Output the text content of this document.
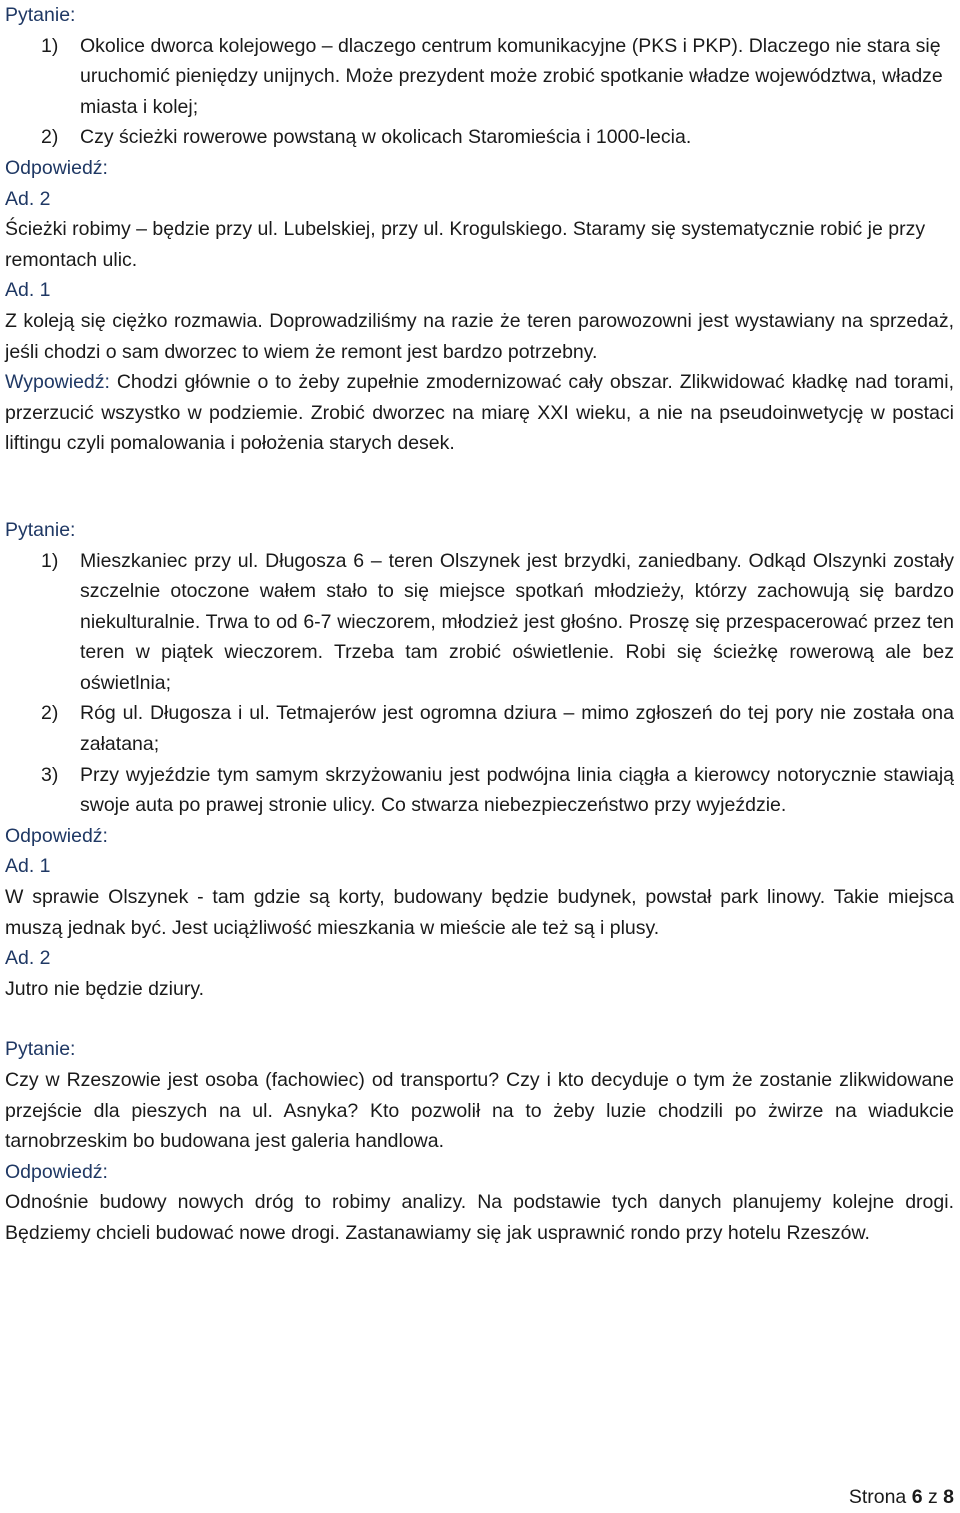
Pytanie:

1) Okolice dworca kolejowego – dlaczego centrum komunikacyjne (PKS i PKP). Dlaczego nie stara się uruchomić pieniędzy unijnych. Może prezydent może zrobić spotkanie władze województwa, władze miasta i kolej;
2) Czy ścieżki rowerowe powstaną w okolicach Staromieścia i 1000-lecia.

Odpowiedź:

Ad. 2

Ścieżki robimy – będzie przy ul. Lubelskiej, przy ul. Krogulskiego. Staramy się systematycznie robić je przy remontach ulic.

Ad. 1

Z koleją się ciężko rozmawia. Doprowadziliśmy na razie że teren parowozowni jest wystawiany na sprzedaż, jeśli chodzi o sam dworzec to wiem że remont jest bardzo potrzebny.

Wypowiedź: Chodzi głównie o to żeby zupełnie zmodernizować cały obszar. Zlikwidować kładkę nad torami, przerzucić wszystko w podziemie. Zrobić dworzec na miarę XXI wieku, a nie na pseudoinwetycję w postaci liftingu czyli pomalowania i położenia starych desek.

Pytanie:

1) Mieszkaniec przy ul. Długosza 6 – teren Olszynek jest brzydki, zaniedbany. Odkąd Olszynki zostały szczelnie otoczone wałem stało to się miejsce spotkań młodzieży, którzy zachowują się bardzo niekulturalnie. Trwa to od 6-7 wieczorem, młodzież jest głośno. Proszę się przespacerować przez ten teren w piątek wieczorem. Trzeba tam zrobić oświetlenie. Robi się ścieżkę rowerową ale bez oświetlnia;
2) Róg ul. Długosza i ul. Tetmajerów jest ogromna dziura – mimo zgłoszeń do tej pory nie została ona załatana;
3) Przy wyjeździe tym samym skrzyżowaniu jest podwójna linia ciągła a kierowcy notorycznie stawiają swoje auta po prawej stronie ulicy. Co stwarza niebezpieczeństwo przy wyjeździe.

Odpowiedź:

Ad. 1

W sprawie Olszynek - tam gdzie są korty, budowany będzie budynek, powstał park linowy. Takie miejsca muszą jednak być. Jest uciążliwość mieszkania w mieście ale też są i plusy.

Ad. 2

Jutro nie będzie dziury.

Pytanie:

Czy w Rzeszowie jest osoba (fachowiec) od transportu? Czy i kto decyduje o tym że zostanie zlikwidowane przejście dla pieszych na ul. Asnyka? Kto pozwolił na to żeby luzie chodzili po żwirze na wiadukcie tarnobrzeskim bo budowana jest galeria handlowa.

Odpowiedź:

Odnośnie budowy nowych dróg to robimy analizy. Na podstawie tych danych planujemy kolejne drogi. Będziemy chcieli budować nowe drogi. Zastanawiamy się jak usprawnić rondo przy hotelu Rzeszów.

Strona 6 z 8
